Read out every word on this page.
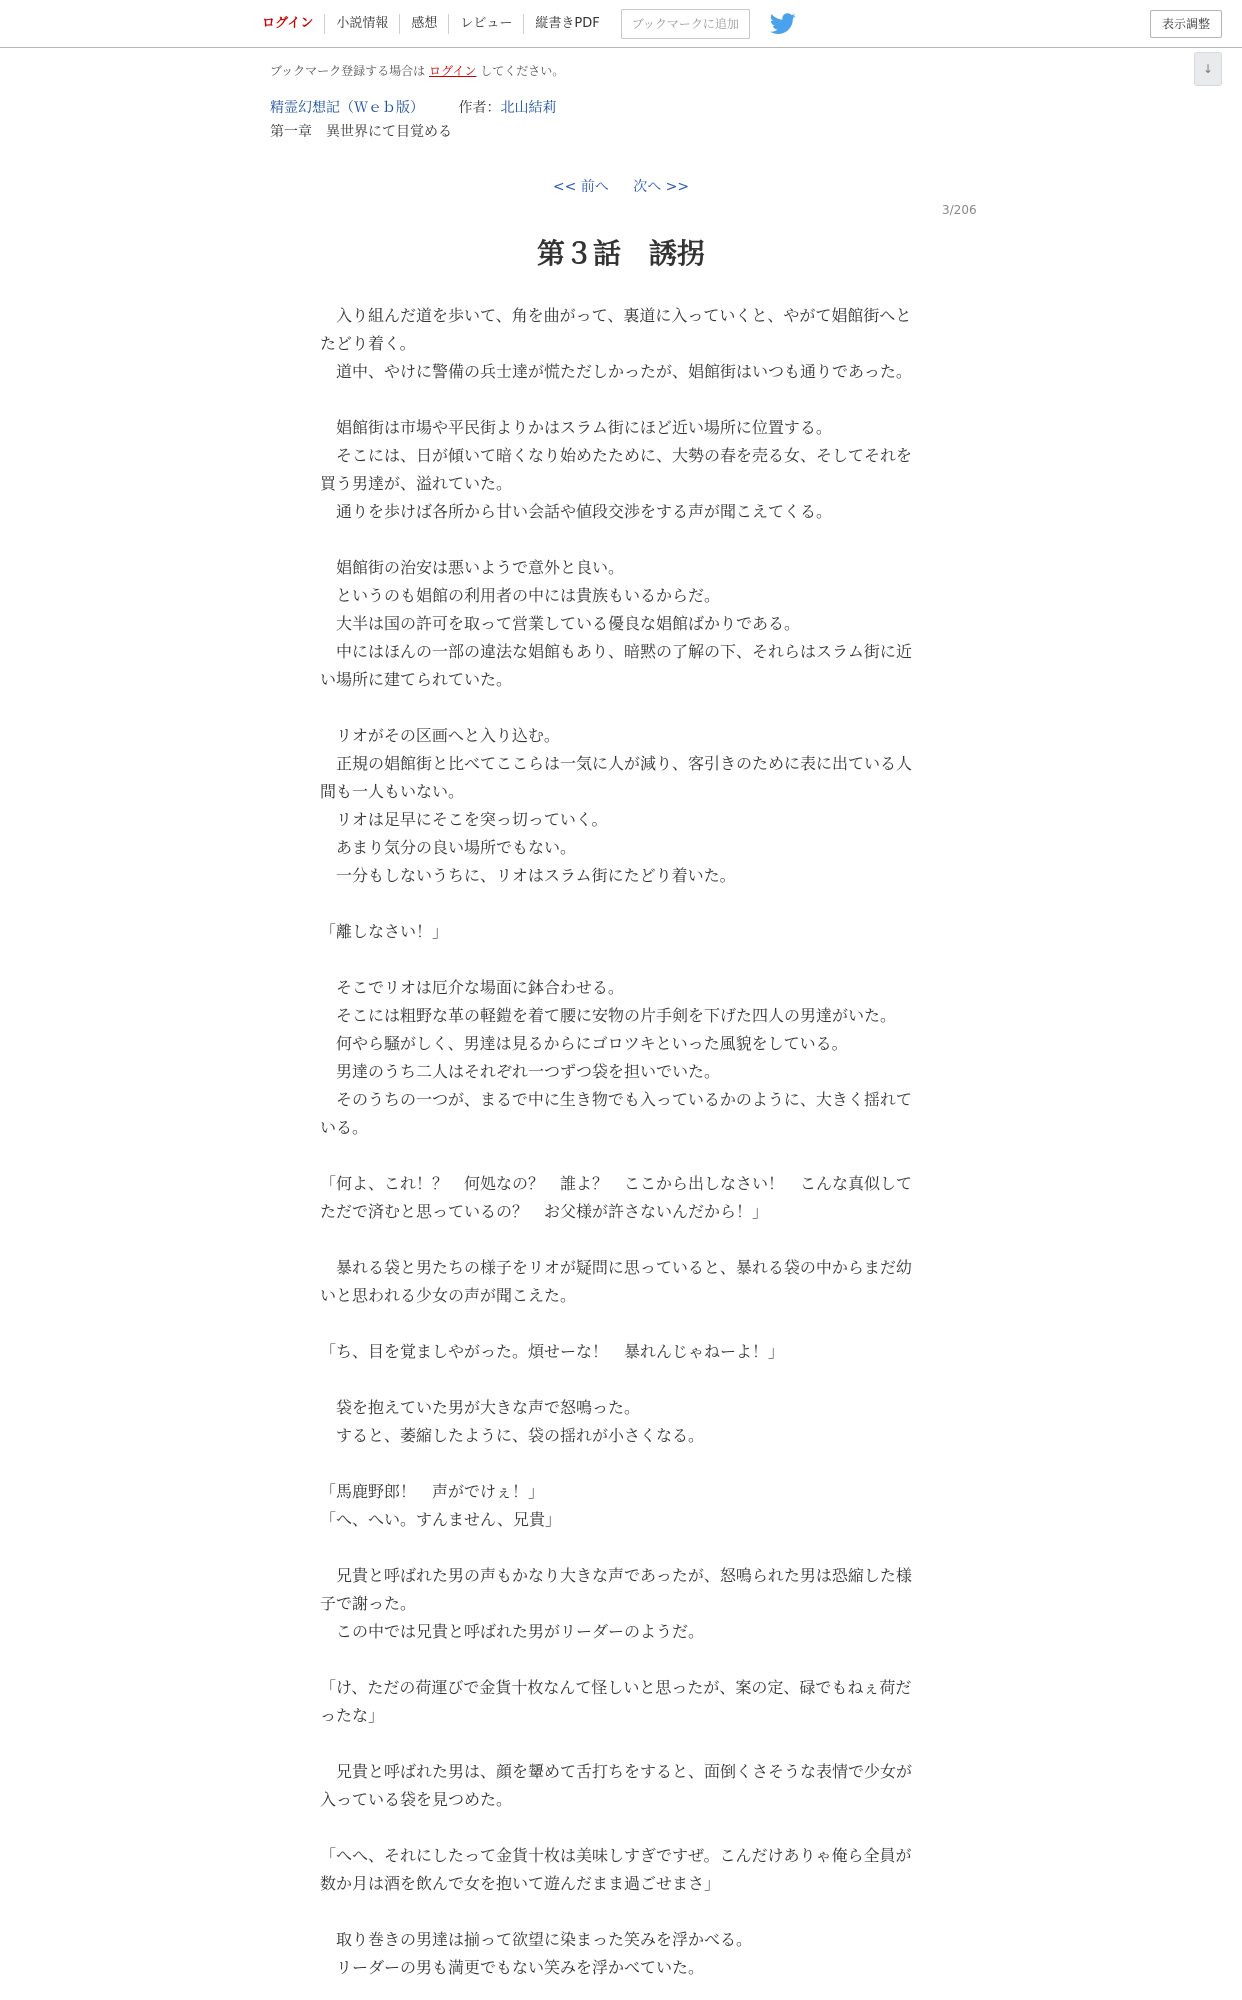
ログイン	小説情報	感想	レビュー	縦書きPDF	ブックマークに追加	表示調整
↓
ブックマーク登録する場合は ログイン してください。
精霊幻想記（Ｗｅｂ版） 作者：北山結莉
第一章　異世界にて目覚める
<< 前へ 次へ >>
3/206
第３話　誘拐
　入り組んだ道を歩いて、角を曲がって、裏道に入っていくと、やがて娼館街へとたどり着く。
　道中、やけに警備の兵士達が慌ただしかったが、娼館街はいつも通りであった。

　娼館街は市場や平民街よりかはスラム街にほど近い場所に位置する。
　そこには、日が傾いて暗くなり始めたために、大勢の春を売る女、そしてそれを買う男達が、溢れていた。
　通りを歩けば各所から甘い会話や値段交渉をする声が聞こえてくる。

　娼館街の治安は悪いようで意外と良い。
　というのも娼館の利用者の中には貴族もいるからだ。
　大半は国の許可を取って営業している優良な娼館ばかりである。
　中にはほんの一部の違法な娼館もあり、暗黙の了解の下、それらはスラム街に近い場所に建てられていた。

　リオがその区画へと入り込む。
　正規の娼館街と比べてここらは一気に人が減り、客引きのために表に出ている人間も一人もいない。
　リオは足早にそこを突っ切っていく。
　あまり気分の良い場所でもない。
　一分もしないうちに、リオはスラム街にたどり着いた。

「離しなさい！」

　そこでリオは厄介な場面に鉢合わせる。
　そこには粗野な革の軽鎧を着て腰に安物の片手剣を下げた四人の男達がいた。
　何やら騒がしく、男達は見るからにゴロツキといった風貌をしている。
　男達のうち二人はそれぞれ一つずつ袋を担いでいた。
　そのうちの一つが、まるで中に生き物でも入っているかのように、大きく揺れている。

「何よ、これ！？　何処なの？　誰よ？　ここから出しなさい！　こんな真似してただで済むと思っているの？　お父様が許さないんだから！」

　暴れる袋と男たちの様子をリオが疑問に思っていると、暴れる袋の中からまだ幼いと思われる少女の声が聞こえた。

「ち、目を覚ましやがった。煩せーな！　暴れんじゃねーよ！」

　袋を抱えていた男が大きな声で怒鳴った。
　すると、萎縮したように、袋の揺れが小さくなる。

「馬鹿野郎！　声がでけぇ！」
「へ、へい。すんません、兄貴」

　兄貴と呼ばれた男の声もかなり大きな声であったが、怒鳴られた男は恐縮した様子で謝った。
　この中では兄貴と呼ばれた男がリーダーのようだ。

「け、ただの荷運びで金貨十枚なんて怪しいと思ったが、案の定、碌でもねぇ荷だったな」

　兄貴と呼ばれた男は、顔を顰めて舌打ちをすると、面倒くさそうな表情で少女が入っている袋を見つめた。

「へへ、それにしたって金貨十枚は美味しすぎですぜ。こんだけありゃ俺ら全員が数か月は酒を飲んで女を抱いて遊んだまま過ごせまさ」

　取り巻きの男達は揃って欲望に染まった笑みを浮かべる。
　リーダーの男も満更でもない笑みを浮かべていた。
